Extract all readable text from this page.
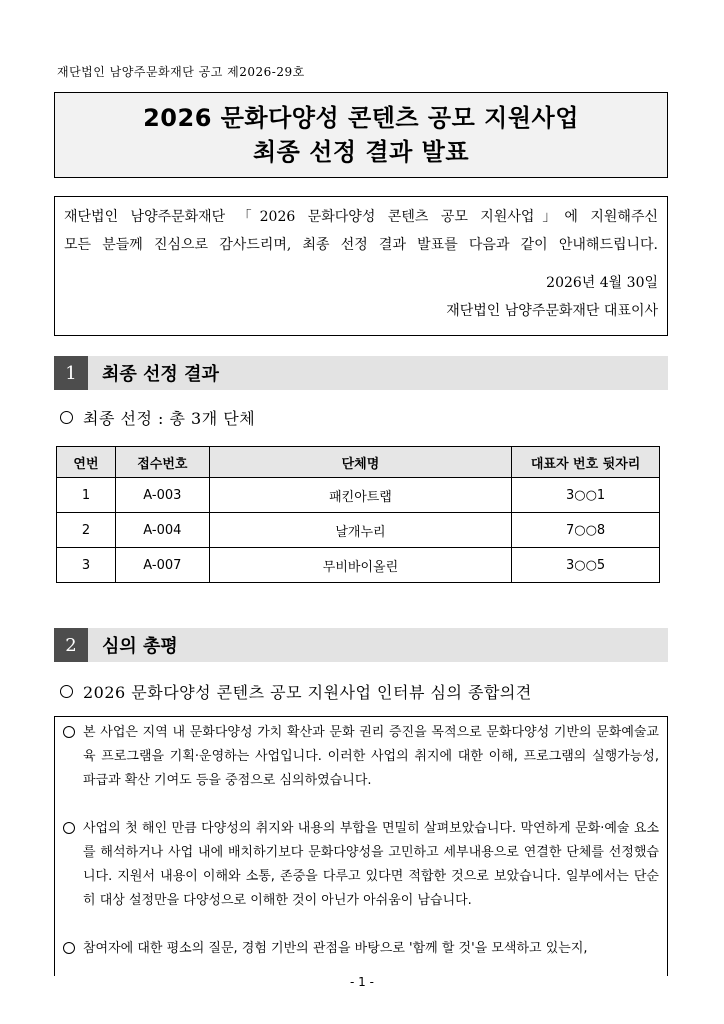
재단법인 남양주문화재단 공고 제2026-29호
2026 문화다양성 콘텐츠 공모 지원사업
최종 선정 결과 발표
재단법인 남양주문화재단 「2026 문화다양성 콘텐츠 공모 지원사업」에 지원해주신
모든 분들께 진심으로 감사드리며, 최종 선정 결과 발표를 다음과 같이 안내해드립니다.
2026년 4월 30일
재단법인 남양주문화재단 대표이사
1	최종 선정 결과
최종 선정 : 총 3개 단체
연번	접수번호	단체명	대표자 번호 뒷자리
1	A-003	패킨아트랩	3○○1
2	A-004	날개누리	7○○8
3	A-007	무비바이올린	3○○5
2	심의 총평
2026 문화다양성 콘텐츠 공모 지원사업 인터뷰 심의 종합의견
본 사업은 지역 내 문화다양성 가치 확산과 문화 권리 증진을 목적으로 문화다양성 기반의 문화예술교육 프로그램을 기획·운영하는 사업입니다. 이러한 사업의 취지에 대한 이해, 프로그램의 실행가능성, 파급과 확산 기여도 등을 중점으로 심의하였습니다.
사업의 첫 해인 만큼 다양성의 취지와 내용의 부합을 면밀히 살펴보았습니다. 막연하게 문화·예술 요소를 해석하거나 사업 내에 배치하기보다 문화다양성을 고민하고 세부내용으로 연결한 단체를 선정했습니다. 지원서 내용이 이해와 소통, 존중을 다루고 있다면 적합한 것으로 보았습니다. 일부에서는 단순히 대상 설정만을 다양성으로 이해한 것이 아닌가 아쉬움이 남습니다.
참여자에 대한 평소의 질문, 경험 기반의 관점을 바탕으로 '함께 할 것'을 모색하고 있는지,
- 1 -
